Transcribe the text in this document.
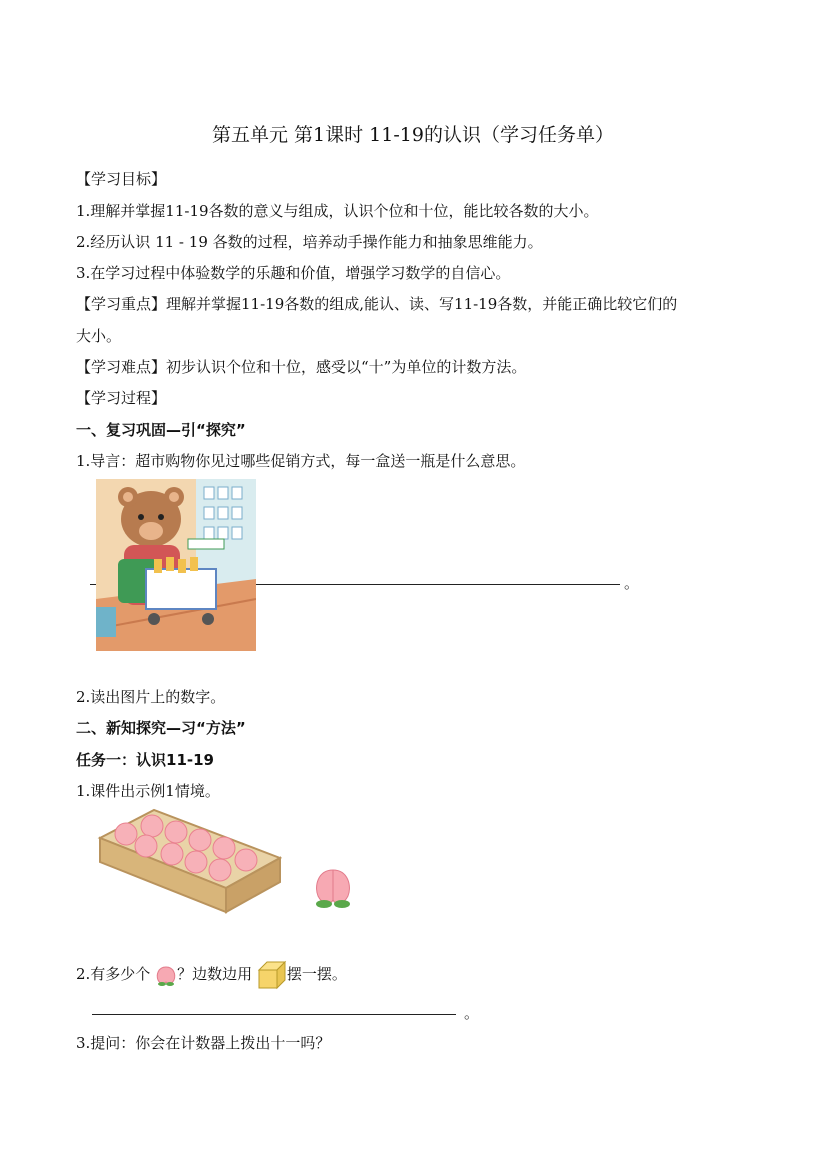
第五单元 第1课时 11-19的认识（学习任务单）
【学习目标】
1.理解并掌握11-19各数的意义与组成，认识个位和十位，能比较各数的大小。
2.经历认识 11 - 19 各数的过程，培养动手操作能力和抽象思维能力。
3.在学习过程中体验数学的乐趣和价值，增强学习数学的自信心。
【学习重点】理解并掌握11-19各数的组成,能认、读、写11-19各数，并能正确比较它们的
大小。
【学习难点】初步认识个位和十位，感受以“十”为单位的计数方法。
【学习过程】
一、复习巩固—引“探究”
1.导言：超市购物你见过哪些促销方式，每一盒送一瓶是什么意思。
。
2.读出图片上的数字。
二、新知探究—习“方法”
任务一：认识11-19
1.课件出示例1情境。
2.有多少个 ？边数边用 摆一摆。
。
3.提问：你会在计数器上拨出十一吗？
